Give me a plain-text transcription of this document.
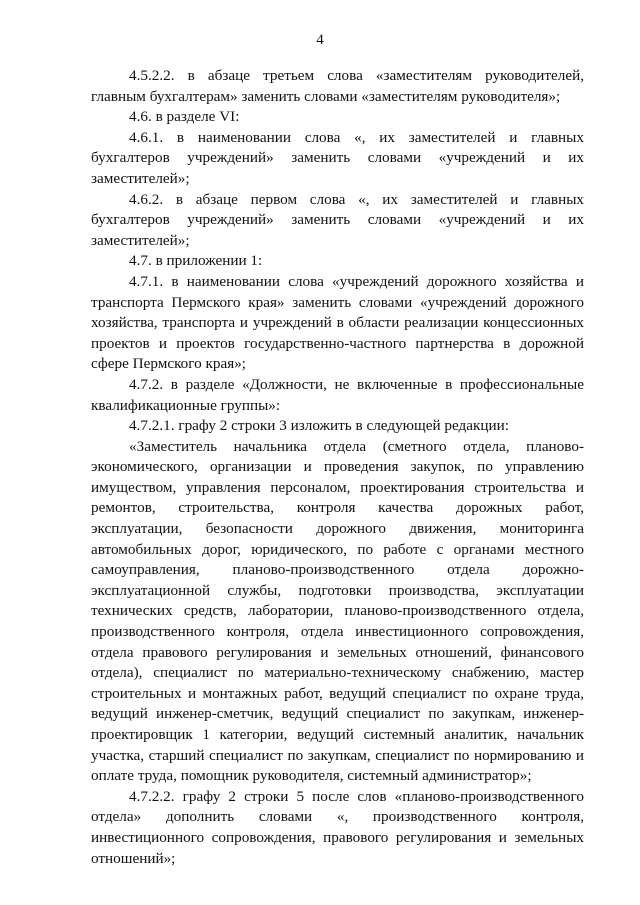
4

4.5.2.2. в абзаце третьем слова «заместителям руководителей, главным бухгалтерам» заменить словами «заместителям руководителя»;

4.6. в разделе VI:

4.6.1. в наименовании слова «, их заместителей и главных бухгалтеров учреждений» заменить словами «учреждений и их заместителей»;

4.6.2. в абзаце первом слова «, их заместителей и главных бухгалтеров учреждений» заменить словами «учреждений и их заместителей»;

4.7. в приложении 1:

4.7.1. в наименовании слова «учреждений дорожного хозяйства и транспорта Пермского края» заменить словами «учреждений дорожного хозяйства, транспорта и учреждений в области реализации концессионных проектов и проектов государственно-частного партнерства в дорожной сфере Пермского края»;

4.7.2. в разделе «Должности, не включенные в профессиональные квалификационные группы»:

4.7.2.1. графу 2 строки 3 изложить в следующей редакции:

«Заместитель начальника отдела (сметного отдела, планово-экономического, организации и проведения закупок, по управлению имуществом, управления персоналом, проектирования строительства и ремонтов, строительства, контроля качества дорожных работ, эксплуатации, безопасности дорожного движения, мониторинга автомобильных дорог, юридического, по работе с органами местного самоуправления, планово-производственного отдела дорожно-эксплуатационной службы, подготовки производства, эксплуатации технических средств, лаборатории, планово-производственного отдела, производственного контроля, отдела инвестиционного сопровождения, отдела правового регулирования и земельных отношений, финансового отдела), специалист по материально-техническому снабжению, мастер строительных и монтажных работ, ведущий специалист по охране труда, ведущий инженер-сметчик, ведущий специалист по закупкам, инженер-проектировщик 1 категории, ведущий системный аналитик, начальник участка, старший специалист по закупкам, специалист по нормированию и оплате труда, помощник руководителя, системный администратор»;

4.7.2.2. графу 2 строки 5 после слов «планово-производственного отдела» дополнить словами «, производственного контроля, инвестиционного сопровождения, правового регулирования и земельных отношений»;
